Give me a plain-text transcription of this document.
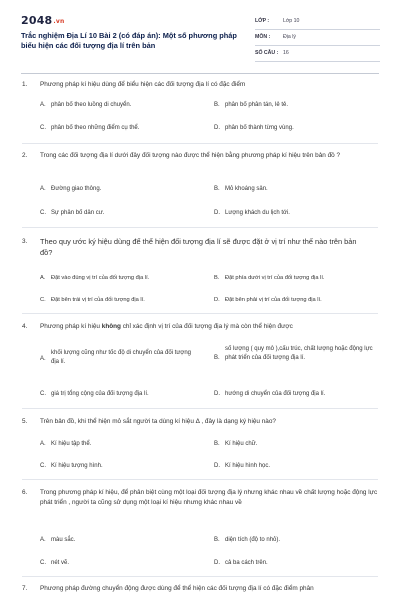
2048.vn
Trắc nghiệm Địa Lí 10 Bài 2 (có đáp án): Một số phương pháp biểu hiện các đối tượng địa lí trên bản
LỚP :	Lớp 10
MÔN : Địa lý
SỐ CÂU : 16
1. Phương pháp kí hiệu dùng để biểu hiện các đối tượng địa lí có đặc điểm
A. phân bố theo luồng di chuyển.	B. phân bố phân tán, lẻ tẻ.
C. phân bố theo những điểm cụ thể.	D. phân bố thành từng vùng.
2. Trong các đối tượng địa lí dưới đây đối tượng nào được thể hiện bằng phương pháp kí hiệu trên bản đồ ?
A. Đường giao thông.	B. Mỏ khoáng sản.
C. Sự phân bố dân cư.	D. Lượng khách du lịch tới.
3. Theo quy ước ký hiệu dùng để thể hiện đối tượng địa lí sẽ được đặt ở vị trí như thế nào trên bản đồ?
A. Đặt vào đúng vị trí của đối tượng địa lí.	B. Đặt phía dưới vị trí của đối tượng địa lí.
C. Đặt bên trái vị trí của đối tượng địa lí.	D. Đặt bên phải vị trí của đối tượng địa lí.
4. Phương pháp kí hiệu không chỉ xác định vị trí của đối tượng địa lý mà còn thể hiện được
A.
khối lượng cũng như tốc độ di chuyển của đối tượng địa lí.
B.
số lượng ( quy mô ),cấu trúc, chất lượng hoặc động lực phát triển của đối tượng địa lí.
C. giá trị tổng cộng của đối tượng địa lí.	D. hướng di chuyển của đối tượng địa lí.
5. Trên bản đồ, khi thể hiện mỏ sắt người ta dùng kí hiệu Δ , đây là dạng ký hiệu nào?
A. Kí hiệu tập thể.	B. Kí hiệu chữ.
C. Kí hiệu tượng hình.	D. Kí hiệu hình học.
6. Trong phương pháp kí hiệu, để phân biệt cùng một loại đối tượng địa lý nhưng khác nhau về chất lượng hoặc động lực phát triển , người ta cũng sử dụng một loại kí hiệu nhưng khác nhau về
A. màu sắc.	B. diện tích (độ to nhỏ).
C. nét vẽ.	D. cả ba cách trên.
7. Phương pháp đường chuyển động được dùng để thể hiện các đối tượng địa lí có đặc điểm phân
